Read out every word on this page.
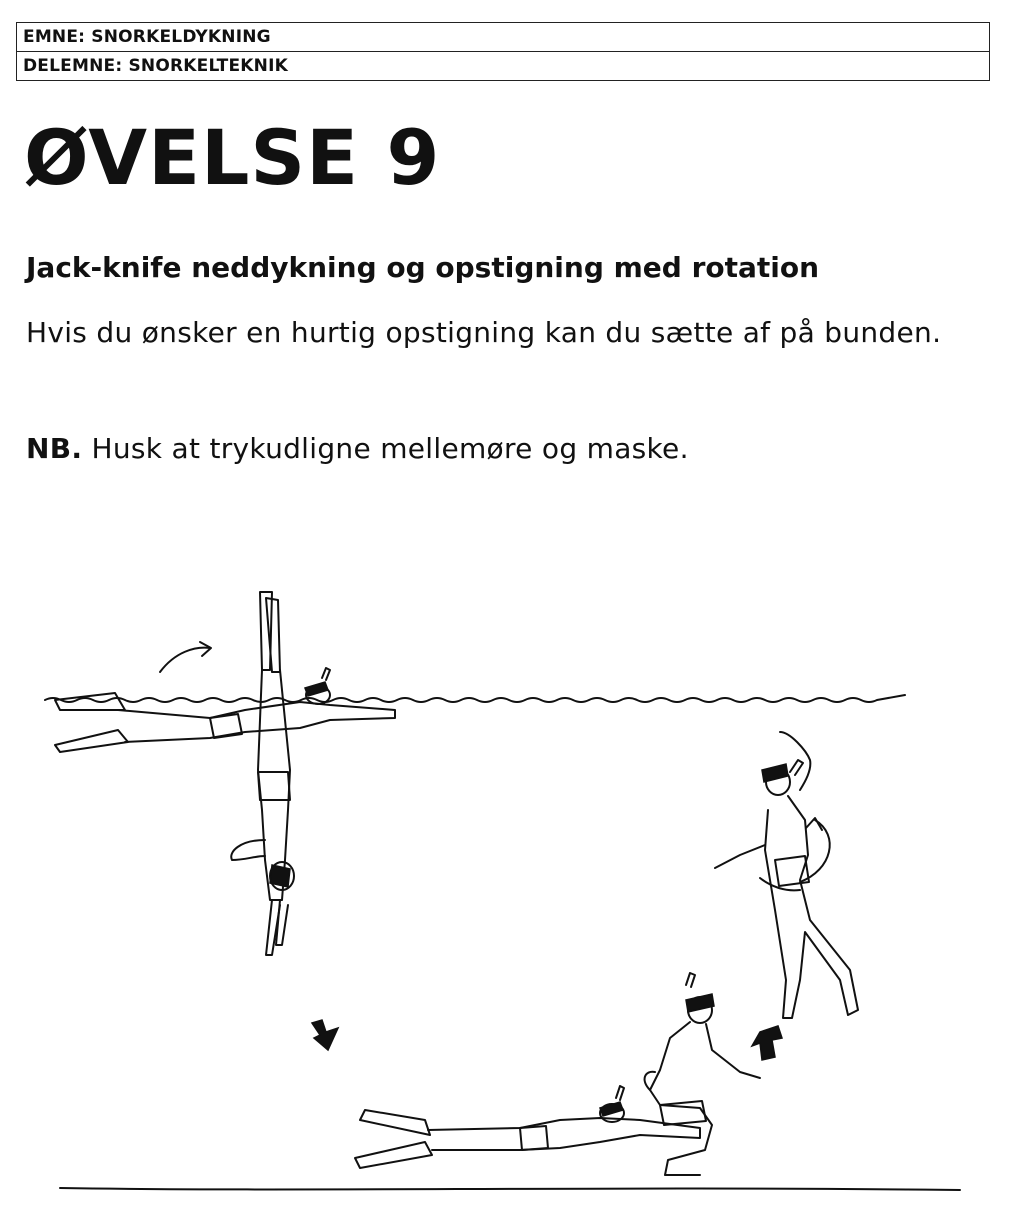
EMNE: SNORKELDYKNING
DELEMNE: SNORKELTEKNIK
ØVELSE 9
Jack-knife neddykning og opstigning med rotation

Hvis du ønsker en hurtig opstigning kan du sætte af på bunden.

NB. Husk at trykudligne mellemøre og maske.
